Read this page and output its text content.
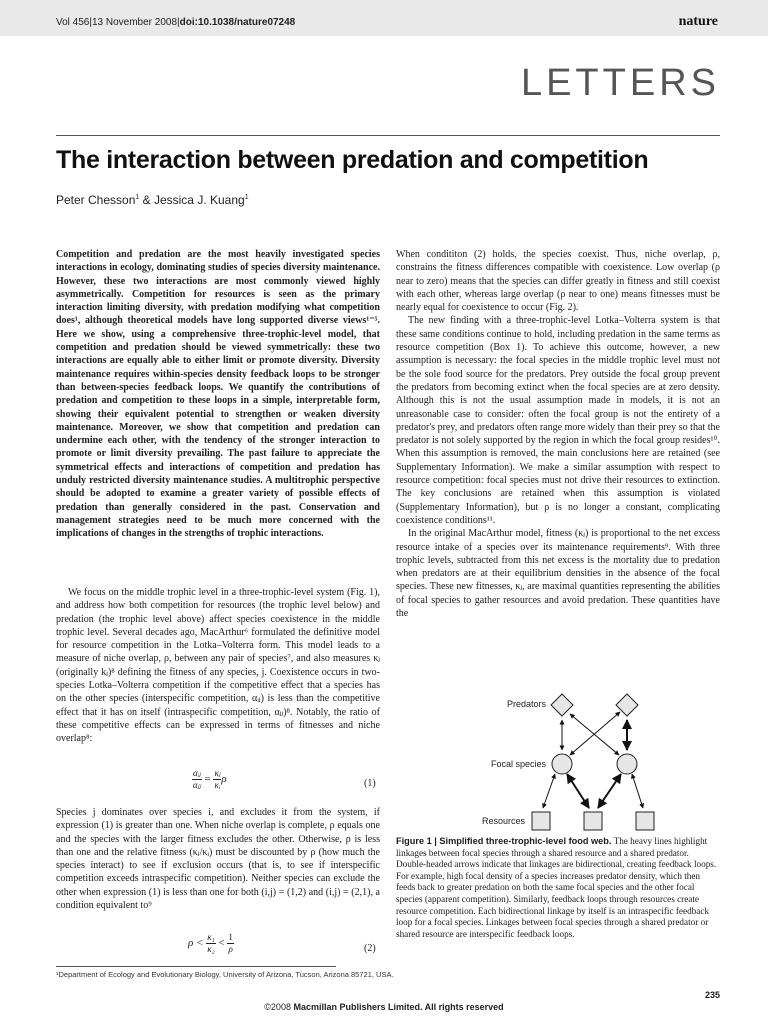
Vol 456|13 November 2008|doi:10.1038/nature07248	nature
LETTERS
The interaction between predation and competition
Peter Chesson$^1$ & Jessica J. Kuang$^1$

Competition and predation are the most heavily investigated species interactions in ecology, dominating studies of species diversity maintenance. However, these two interactions are most commonly viewed highly asymmetrically. Competition for resources is seen as the primary interaction limiting diversity, with predation modifying what competition does¹, although theoretical models have long supported diverse views¹⁻⁵. Here we show, using a comprehensive three-trophic-level model, that competition and predation should be viewed symmetrically: these two interactions are equally able to either limit or promote diversity. Diversity maintenance requires within-species density feedback loops to be stronger than between-species feedback loops. We quantify the contributions of predation and competition to these loops in a simple, interpretable form, showing their equivalent potential to strengthen or weaken diversity maintenance. Moreover, we show that competition and predation can undermine each other, with the tendency of the stronger interaction to promote or limit diversity prevailing. The past failure to appreciate the symmetrical effects and interactions of competition and predation has unduly restricted diversity maintenance studies. A multitrophic perspective should be adopted to examine a greater variety of possible effects of predation than generally considered in the past. Conservation and management strategies need to be much more concerned with the implications of changes in the strengths of trophic interactions.

We focus on the middle trophic level in a three-trophic-level system (Fig. 1), and address how both competition for resources (the trophic level below) and predation (the trophic level above) affect species coexistence in the middle trophic level. Several decades ago, MacArthur⁶ formulated the definitive model for resource competition in the Lotka–Volterra form. This model leads to a measure of niche overlap, ρ, between any pair of species⁷, and also measures κⱼ (originally kⱼ)⁸ defining the fitness of any species, j. Coexistence occurs in two-species Lotka–Volterra competition if the competitive effect that a species has on the other species (interspecific competition, αᵢⱼ) is less than the competitive effect that it has on itself (intraspecific competition, αⱼⱼ)⁸. Notably, the ratio of these competitive effects can be expressed in terms of fitnesses and niche overlap⁸:

$\frac{\text{αᵢⱼ}}{\text{αⱼⱼ}} = \frac{\text{κⱼ}}{\text{κᵢ}}$ ρ	(1)

Species j dominates over species i, and excludes it from the system, if expression (1) is greater than one. When niche overlap is complete, ρ equals one and the species with the larger fitness excludes the other. Otherwise, ρ is less than one and the relative fitness (κⱼ/κᵢ) must be discounted by ρ (how much the species interact) to see if exclusion occurs (that is, to see if interspecific competition exceeds intraspecific competition). Neither species can exclude the other when expression (1) is less than one for both (i,j) = (1,2) and (i,j) = (2,1), a condition equivalent to⁹

$\rho < \frac{\text{κ₁}}{\text{κ₂}} < \frac{1}{\rho}$	(2)

When condititon (2) holds, the species coexist. Thus, niche overlap, ρ, constrains the fitness differences compatible with coexistence. Low overlap (ρ near to zero) means that the species can differ greatly in fitness and still coexist with each other, whereas large overlap (ρ near to one) means fitnesses must be nearly equal for coexistence to occur (Fig. 2).

The new finding with a three-trophic-level Lotka–Volterra system is that these same conditions continue to hold, including predation in the same terms as resource competition (Box 1). To achieve this outcome, however, a new assumption is necessary: the focal species in the middle trophic level must not be the sole food source for the predators. Prey outside the focal group prevent the predators from becoming extinct when the focal species are at zero density. Although this is not the usual assumption made in models, it is not an unreasonable case to consider: often the focal group is not the entirety of a predator's prey, and predators often range more widely than their prey so that the predator is not solely supported by the region in which the focal group resides¹⁰. When this assumption is removed, the main conclusions here are retained (see Supplementary Information). We make a similar assumption with respect to resource competition: focal species must not drive their resources to extinction. The key conclusions are retained when this assumption is violated (Supplementary Information), but ρ is no longer a constant, complicating coexistence conditions¹¹.

In the original MacArthur model, fitness (κⱼ) is proportional to the net excess resource intake of a species over its maintenance requirements⁹. With three trophic levels, subtracted from this net excess is the mortality due to predation when predators are at their equilibrium densities in the absence of the focal species. These new fitnesses, κⱼ, are maximal quantities representing the abilities of focal species to gather resources and avoid predation. These quantities have the

Predators
Focal species
Resources
Figure 1 | Simplified three-trophic-level food web. The heavy lines highlight linkages between focal species through a shared resource and a shared predator. Double-headed arrows indicate that linkages are bidirectional, creating feedback loops. For example, high focal density of a species increases predator density, which then feeds back to greater predation on both the same focal species and the other focal species (apparent competition). Similarly, feedback loops through resources create resource competition. Each bidirectional linkage by itself is an intraspecific feedback loop for a focal species. Linkages between focal species through a shared predator or shared resource are interspecific feedback loops.
¹Department of Ecology and Evolutionary Biology, University of Arizona, Tucson, Arizona 85721, USA.
235
©2008 Macmillan Publishers Limited. All rights reserved
